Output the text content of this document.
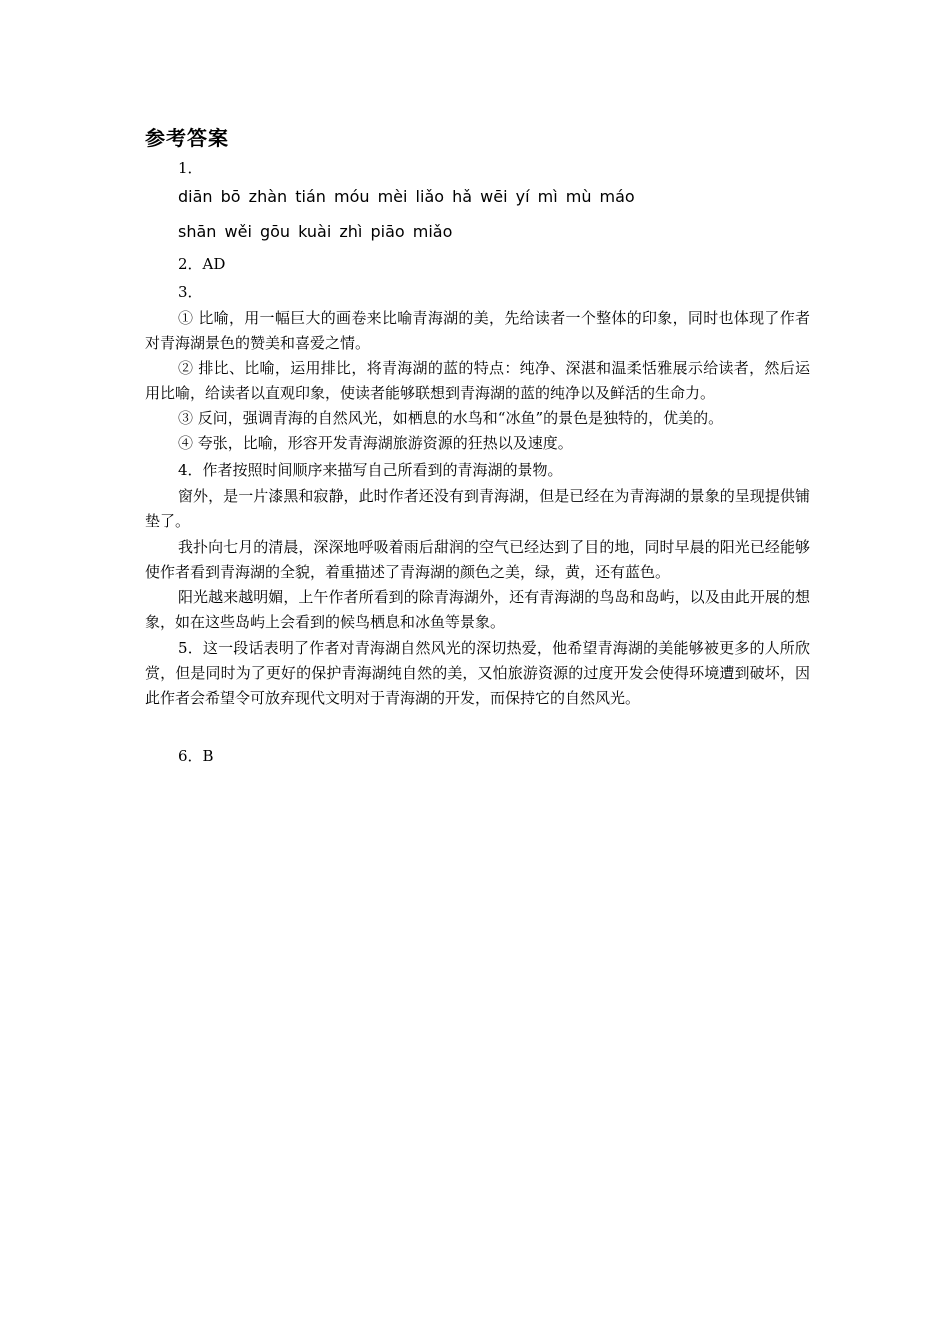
参考答案
1．
diān bō zhàn tián móu mèi liǎo hǎ wēi yí mì mù máo
shān wěi gōu kuài zhì piāo miǎo
2．AD
3．

① 比喻，用一幅巨大的画卷来比喻青海湖的美，先给读者一个整体的印象，同时也体现了作者对青海湖景色的赞美和喜爱之情。

② 排比、比喻，运用排比，将青海湖的蓝的特点：纯净、深湛和温柔恬雅展示给读者，然后运用比喻，给读者以直观印象，使读者能够联想到青海湖的蓝的纯净以及鲜活的生命力。

③ 反问，强调青海的自然风光，如栖息的水鸟和“冰鱼”的景色是独特的，优美的。

④ 夸张，比喻，形容开发青海湖旅游资源的狂热以及速度。

4．作者按照时间顺序来描写自己所看到的青海湖的景物。

窗外，是一片漆黑和寂静，此时作者还没有到青海湖，但是已经在为青海湖的景象的呈现提供铺垫了。

我扑向七月的清晨，深深地呼吸着雨后甜润的空气已经达到了目的地，同时早晨的阳光已经能够使作者看到青海湖的全貌，着重描述了青海湖的颜色之美，绿，黄，还有蓝色。

阳光越来越明媚，上午作者所看到的除青海湖外，还有青海湖的鸟岛和岛屿，以及由此开展的想象，如在这些岛屿上会看到的候鸟栖息和冰鱼等景象。

5．这一段话表明了作者对青海湖自然风光的深切热爱，他希望青海湖的美能够被更多的人所欣赏，但是同时为了更好的保护青海湖纯自然的美，又怕旅游资源的过度开发会使得环境遭到破坏，因此作者会希望令可放弃现代文明对于青海湖的开发，而保持它的自然风光。

6．B
